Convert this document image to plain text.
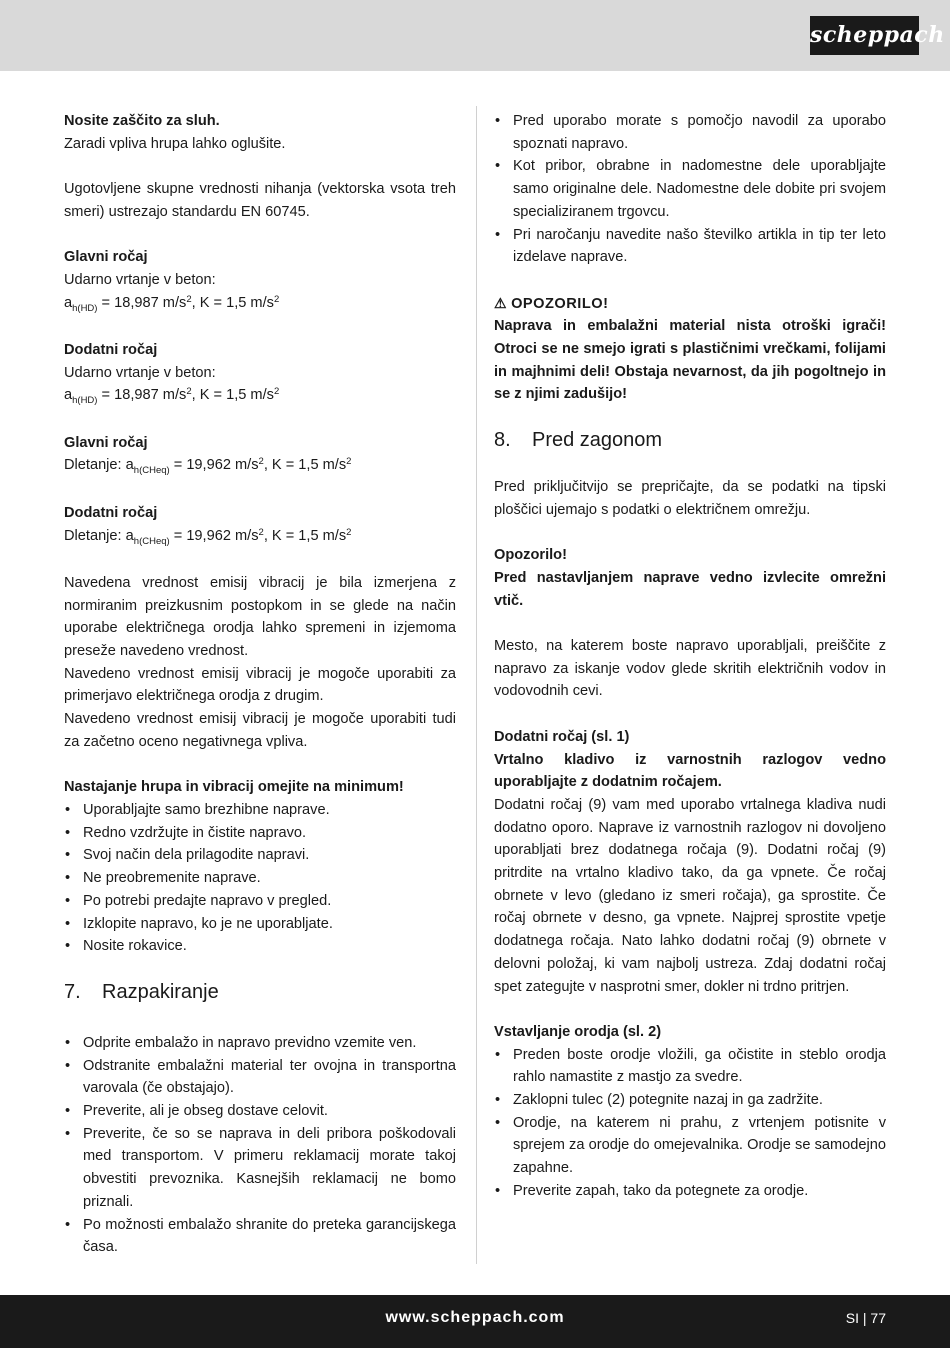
scheppach
Nosite zaščito za sluh.
Zaradi vpliva hrupa lahko oglušite.
Ugotovljene skupne vrednosti nihanja (vektorska vsota treh smeri) ustrezajo standardu EN 60745.
Glavni ročaj
Udarno vrtanje v beton:
$a_{h(HD)} = 18,987$ $m/s^2$, K = 1,5 $m/s^2$
Dodatni ročaj
Udarno vrtanje v beton:
$a_{h(HD)} = 18,987$ $m/s^2$, K = 1,5 $m/s^2$
Glavni ročaj
Dletanje: $a_{h(CHeq)} = 19,962$ $m/s^2$, K = 1,5 $m/s^2$
Dodatni ročaj
Dletanje: $a_{h(CHeq)} = 19,962$ $m/s^2$, K = 1,5 $m/s^2$
Navedena vrednost emisij vibracij je bila izmerjena z normiranim preizkusnim postopkom in se glede na način uporabe električnega orodja lahko spremeni in izjemoma preseže navedeno vrednost.
Navedeno vrednost emisij vibracij je mogoče uporabiti za primerjavo električnega orodja z drugim.
Navedeno vrednost emisij vibracij je mogoče uporabiti tudi za začetno oceno negativnega vpliva.
Nastajanje hrupa in vibracij omejite na minimum!
• Uporabljajte samo brezhibne naprave.
• Redno vzdržujte in čistite napravo.
• Svoj način dela prilagodite napravi.
• Ne preobremenite naprave.
• Po potrebi predajte napravo v pregled.
• Izklopite napravo, ko je ne uporabljate.
• Nosite rokavice.
7. Razpakiranje
• Odprite embalažo in napravo previdno vzemite ven.
• Odstranite embalažni material ter ovojna in transportna varovala (če obstajajo).
• Preverite, ali je obseg dostave celovit.
• Preverite, če so se naprava in deli pribora poškodovali med transportom. V primeru reklamacij morate takoj obvestiti prevoznika. Kasnejših reklamacij ne bomo priznali.
• Po možnosti embalažo shranite do preteka garancijskega časa.
• Pred uporabo morate s pomočjo navodil za uporabo spoznati napravo.
• Kot pribor, obrabne in nadomestne dele uporabljajte samo originalne dele. Nadomestne dele dobite pri svojem specializiranem trgovcu.
• Pri naročanju navedite našo številko artikla in tip ter leto izdelave naprave.
⚠ OPOZORILO!
Naprava in embalažni material nista otroški igrači! Otroci se ne smejo igrati s plastičnimi vrečkami, folijami in majhnimi deli! Obstaja nevarnost, da jih pogoltnejo in se z njimi zadušijo!
8. Pred zagonom
Pred priključitvijo se prepričajte, da se podatki na tipski ploščici ujemajo s podatki o električnem omrežju.
Opozorilo!
Pred nastavljanjem naprave vedno izvlecite omrežni vtič.
Mesto, na katerem boste napravo uporabljali, preiščite z napravo za iskanje vodov glede skritih električnih vodov in vodovodnih cevi.
Dodatni ročaj (sl. 1)
Vrtalno kladivo iz varnostnih razlogov vedno uporabljajte z dodatnim ročajem.
Dodatni ročaj (9) vam med uporabo vrtalnega kladiva nudi dodatno oporo. Naprave iz varnostnih razlogov ni dovoljeno uporabljati brez dodatnega ročaja (9). Dodatni ročaj (9) pritrdite na vrtalno kladivo tako, da ga vpnete. Če ročaj obrnete v levo (gledano iz smeri ročaja), ga sprostite. Če ročaj obrnete v desno, ga vpnete. Najprej sprostite vpetje dodatnega ročaja. Nato lahko dodatni ročaj (9) obrnete v delovni položaj, ki vam najbolj ustreza. Zdaj dodatni ročaj spet zategujte v nasprotni smer, dokler ni trdno pritrjen.
Vstavljanje orodja (sl. 2)
• Preden boste orodje vložili, ga očistite in steblo orodja rahlo namastite z mastjo za svedre.
• Zaklopni tulec (2) potegnite nazaj in ga zadržite.
• Orodje, na katerem ni prahu, z vrtenjem potisnite v sprejem za orodje do omejevalnika. Orodje se samodejno zapahne.
• Preverite zapah, tako da potegnete za orodje.
www.scheppach.com	SI | 77
